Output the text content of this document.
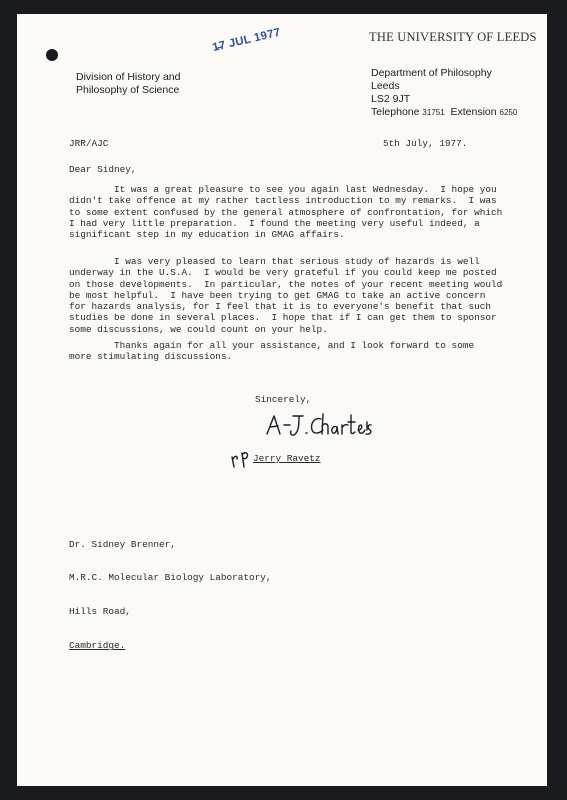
THE UNIVERSITY OF LEEDS
Division of History and
Philosophy of Science
Department of Philosophy
Leeds
LS2 9JT
Telephone 31751 Extension 6250
1̶7 JUL 1977
JRR/AJC	5th July, 1977.
Dear Sidney,

It was a great pleasure to see you again last Wednesday.  I hope you
didn't take offence at my rather tactless introduction to my remarks.  I was
to some extent confused by the general atmosphere of confrontation, for which
I had very little preparation.  I found the meeting very useful indeed, a
significant step in my education in GMAG affairs.

I was very pleased to learn that serious study of hazards is well
underway in the U.S.A.  I would be very grateful if you could keep me posted
on those developments.  In particular, the notes of your recent meeting would
be most helpful.  I have been trying to get GMAG to take an active concern
for hazards analysis, for I feel that it is to everyone's benefit that such
studies be done in several places.  I hope that if I can get them to sponsor
some discussions, we could count on your help.

Thanks again for all your assistance, and I look forward to some
more stimulating discussions.

Sincerely,
Jerry Ravetz

Dr. Sidney Brenner,

M.R.C. Molecular Biology Laboratory,

Hills Road,

Cambridge.
